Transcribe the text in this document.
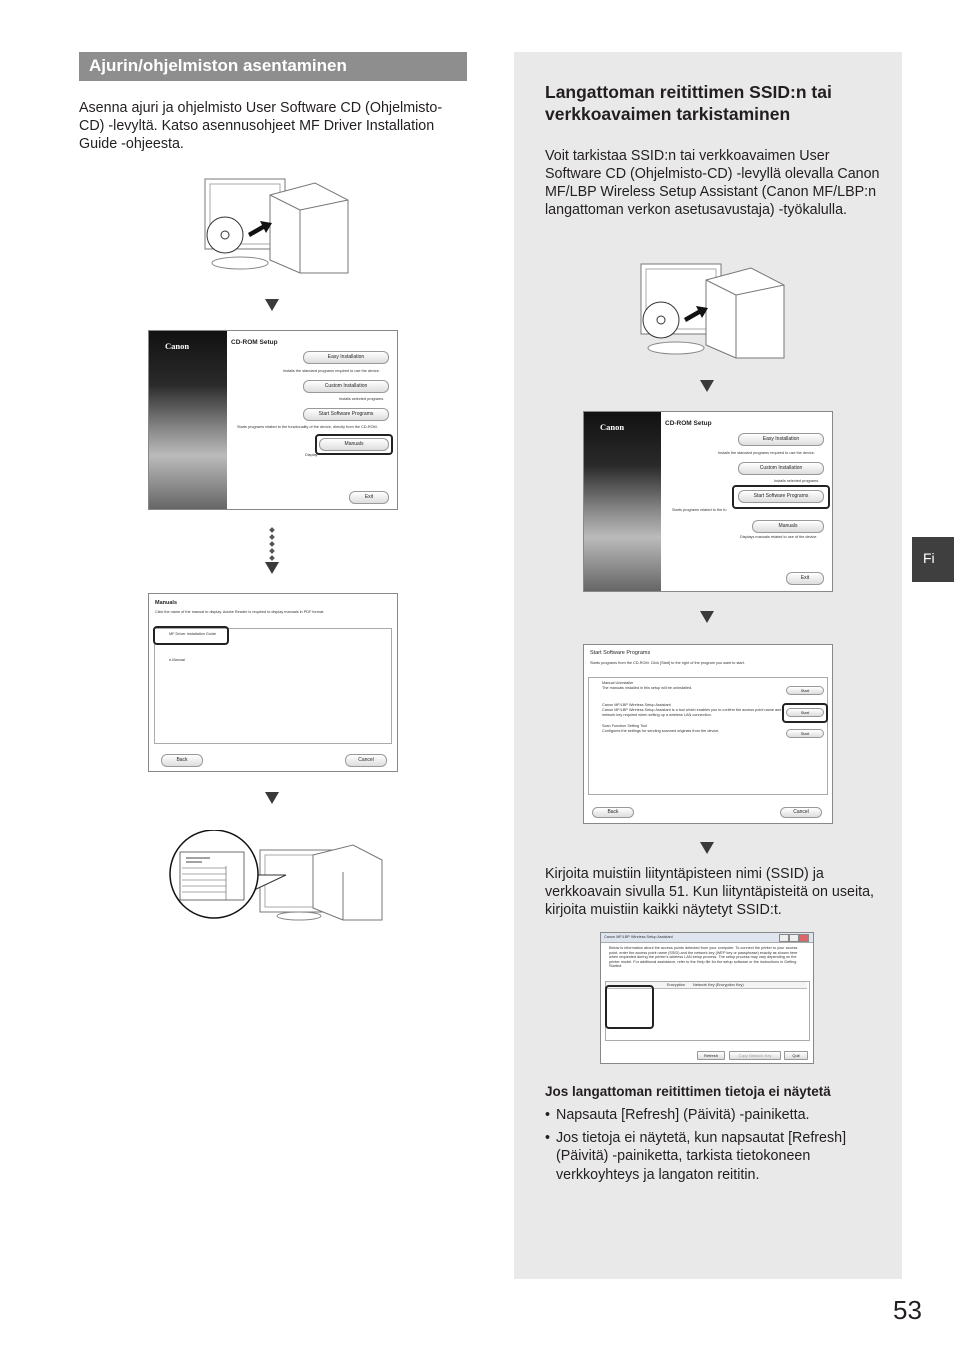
Ajurin/ohjelmiston asentaminen
Asenna ajuri ja ohjelmisto User Software CD (Ohjelmisto-CD) -levyltä. Katso asennusohjeet MF Driver Installation Guide -ohjeesta.
Canon	CD-ROM Setup
Easy Installation
Installs the standard programs required to use the device.
Custom Installation
Installs selected programs.
Start Software Programs
Starts programs related to the functionality of the device, directly from the CD-ROM.
Manuals
Display
Exit
Manuals
Click the name of the manual to display. Adobe Reader is required to display manuals in PDF format.
MF Driver Installation Guide
e-Manual
Back	Cancel
Langattoman reitittimen SSID:n tai verkkoavaimen tarkistaminen
Voit tarkistaa SSID:n tai verkkoavaimen User Software CD (Ohjelmisto-CD) -levyllä olevalla Canon MF/LBP Wireless Setup Assistant (Canon MF/LBP:n langattoman verkon asetusavustaja) -työkalulla.
Canon	CD-ROM Setup
Easy Installation
Installs the standard programs required to use the device.
Custom Installation
Installs selected programs.
Start Software Programs
Starts programs related to the fu
Manuals
Displays manuals related to use of the device.
Exit
Start Software Programs
Starts programs from the CD-ROM. Click [Start] to the right of the program you want to start.
Manual Uninstaller
The manuals installed in this setup will be uninstalled.	Start
Canon MF/LBP Wireless Setup Assistant
Canon MF/LBP Wireless Setup Assistant is a tool which enables you to confirm the access point name and network key required when setting up a wireless LAN connection.	Start
Scan Function Setting Tool
Configures the settings for sending scanned originals from the device.	Start
Back	Cancel
Kirjoita muistiin liityntäpisteen nimi (SSID) ja verkkoavain sivulla 51. Kun liityntäpisteitä on useita, kirjoita muistiin kaikki näytetyt SSID:t.
Canon MF/LBP Wireless Setup Assistant
Below is information about the access points detected from your computer. To connect the printer to your access point, enter the access point name (SSID) and the network key (WEP key or passphrase) exactly as shown here when requested during the printer's wireless LAN setup process. The setup process may vary depending on the printer model. For additional assistance, refer to the Help file for the setup software or the instructions in Getting Started.
Encryption Network Key (Encryption Key)
Refresh	Copy Network Key	Quit
Jos langattoman reitittimen tietoja ei näytetä
• Napsauta [Refresh] (Päivitä) -painiketta.
• Jos tietoja ei näytetä, kun napsautat [Refresh] (Päivitä) -painiketta, tarkista tietokoneen verkkoyhteys ja langaton reititin.
Fi
53
